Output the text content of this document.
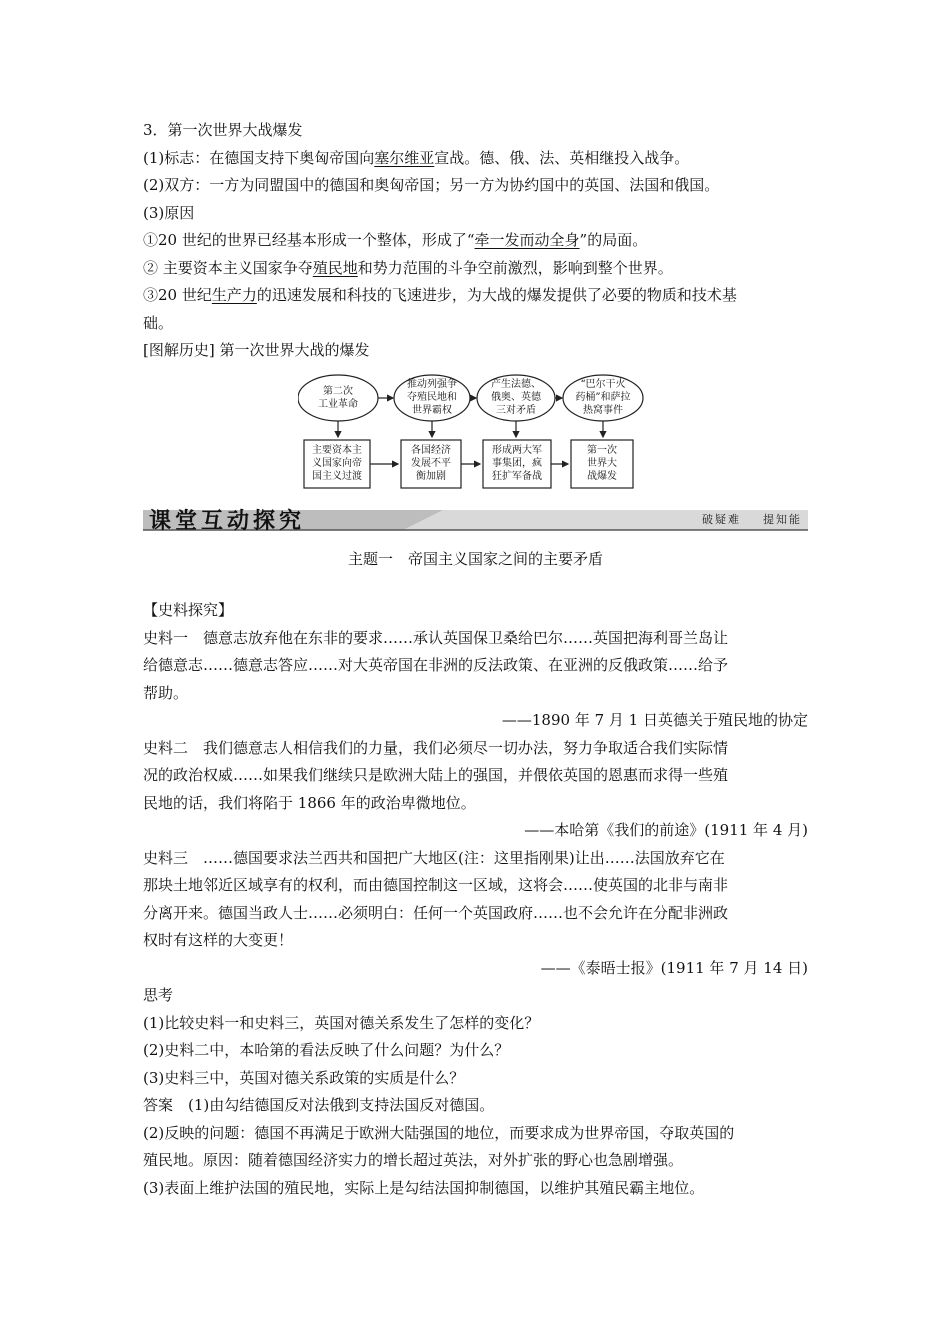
3．第一次世界大战爆发
(1)标志：在德国支持下奥匈帝国向塞尔维亚宣战。德、俄、法、英相继投入战争。
(2)双方：一方为同盟国中的德国和奥匈帝国；另一方为协约国中的英国、法国和俄国。
(3)原因
①20 世纪的世界已经基本形成一个整体，形成了“牵一发而动全身”的局面。
② 主要资本主义国家争夺殖民地和势力范围的斗争空前激烈，影响到整个世界。
③20 世纪生产力的迅速发展和科技的飞速进步，为大战的爆发提供了必要的物质和技术基
础。
[图解历史] 第一次世界大战的爆发
第二次
工业革命
推动列强争
夺殖民地和
世界霸权
产生法德、
俄奥、英德
三对矛盾
“巴尔干火
药桶”和萨拉
热窝事件
主要资本主
义国家向帝
国主义过渡
各国经济
发展不平
衡加剧
形成两大军
事集团，疯
狂扩军备战
第一次
世界大
战爆发
课堂互动探究	破疑难 提知能
主题一　帝国主义国家之间的主要矛盾
【史料探究】
史料一　德意志放弃他在东非的要求……承认英国保卫桑给巴尔……英国把海利哥兰岛让
给德意志……德意志答应……对大英帝国在非洲的反法政策、在亚洲的反俄政策……给予
帮助。
——1890 年 7 月 1 日英德关于殖民地的协定
史料二　我们德意志人相信我们的力量，我们必须尽一切办法，努力争取适合我们实际情
况的政治权威……如果我们继续只是欧洲大陆上的强国，并偎依英国的恩惠而求得一些殖
民地的话，我们将陷于 1866 年的政治卑微地位。
——本哈第《我们的前途》(1911 年 4 月)
史料三　……德国要求法兰西共和国把广大地区(注：这里指刚果)让出……法国放弃它在
那块土地邻近区域享有的权利，而由德国控制这一区域，这将会……使英国的北非与南非
分离开来。德国当政人士……必须明白：任何一个英国政府……也不会允许在分配非洲政
权时有这样的大变更！
——《泰晤士报》(1911 年 7 月 14 日)
思考
(1)比较史料一和史料三，英国对德关系发生了怎样的变化？
(2)史料二中，本哈第的看法反映了什么问题？为什么？
(3)史料三中，英国对德关系政策的实质是什么？
答案　(1)由勾结德国反对法俄到支持法国反对德国。
(2)反映的问题：德国不再满足于欧洲大陆强国的地位，而要求成为世界帝国，夺取英国的
殖民地。原因：随着德国经济实力的增长超过英法，对外扩张的野心也急剧增强。
(3)表面上维护法国的殖民地，实际上是勾结法国抑制德国，以维护其殖民霸主地位。
